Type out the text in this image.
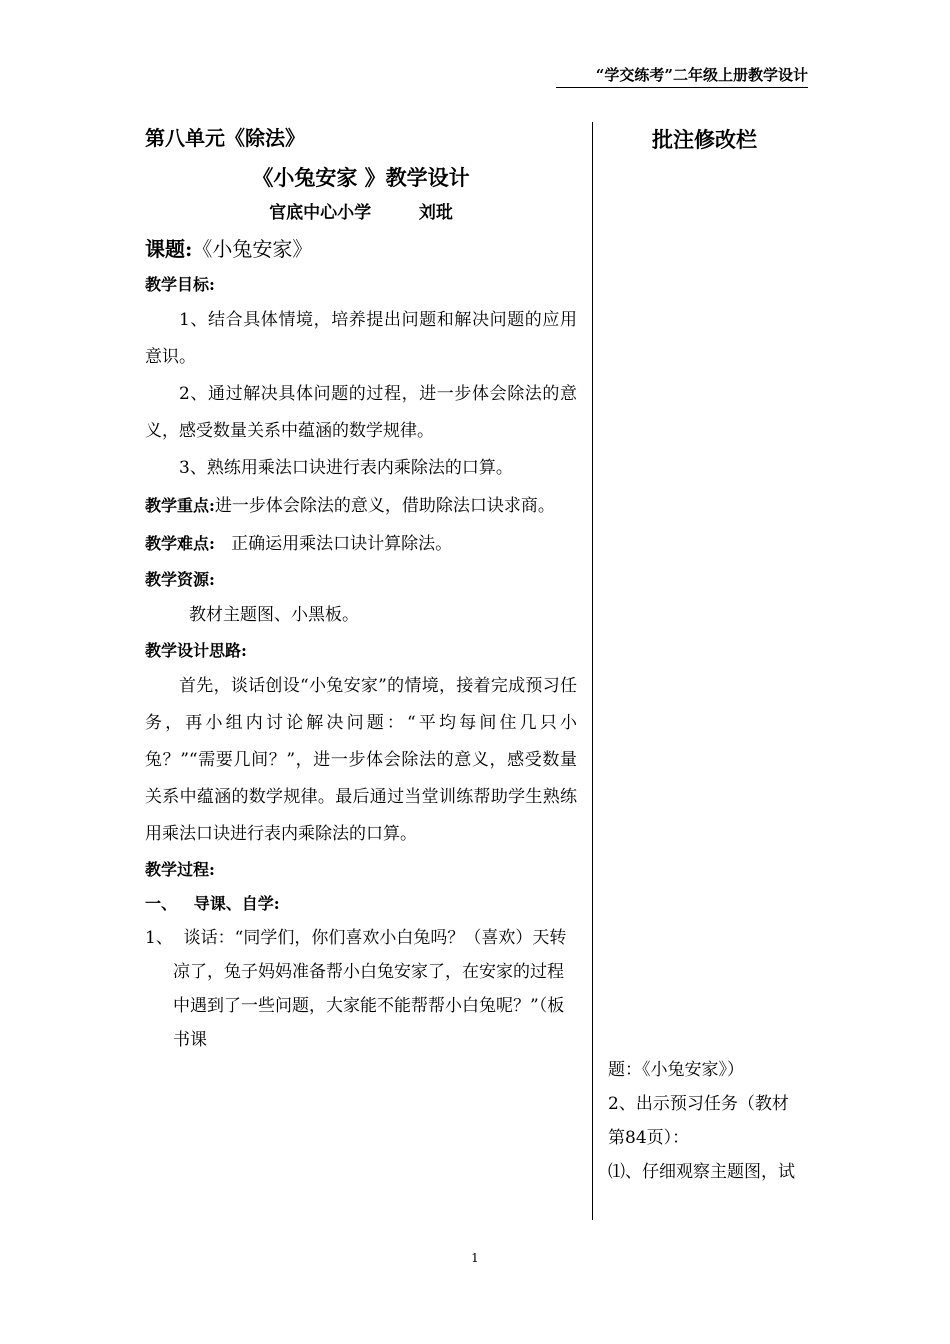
“学交练考”二年级上册教学设计
第八单元《除法》
《小兔安家 》教学设计
官底中心小学	刘玭
课题:《小兔安家》
教学目标:

1、结合具体情境，培养提出问题和解决问题的应用意识。

2、通过解决具体问题的过程，进一步体会除法的意义，感受数量关系中蕴涵的数学规律。

3、熟练用乘法口诀进行表内乘除法的口算。

教学重点:进一步体会除法的意义，借助除法口诀求商。

教学难点:   正确运用乘法口诀计算除法。

教学资源:

教材主题图、小黑板。

教学设计思路:

首先，谈话创设“小兔安家”的情境，接着完成预习任务，再小组内讨论解决问题：“平均每间住几只小兔？”“需要几间？”，进一步体会除法的意义，感受数量关系中蕴涵的数学规律。最后通过当堂训练帮助学生熟练用乘法口诀进行表内乘除法的口算。

教学过程:
一、   导课、自学:

1、  谈话：“同学们，你们喜欢小白兔吗？（喜欢）天转凉了，兔子妈妈准备帮小白兔安家了，在安家的过程中遇到了一些问题，大家能不能帮帮小白兔呢？”（板书课

批注修改栏

题：《小兔安家》）

2、出示预习任务（教材

第84页）：

⑴、仔细观察主题图，试

1
